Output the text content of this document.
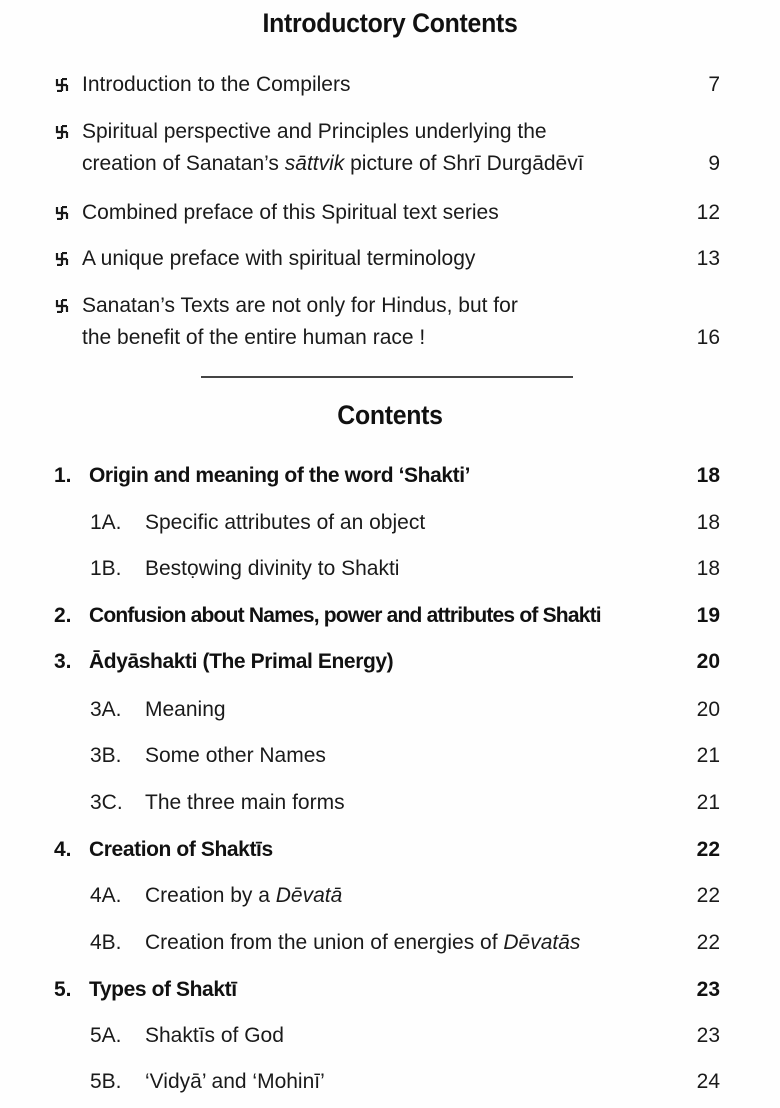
Introductory Contents
Introduction to the Compilers	7
Spiritual perspective and Principles underlying the
creation of Sanatan’s sāttvik picture of Shrī Durgādēvī	9
Combined preface of this Spiritual text series	12
A unique preface with spiritual terminology	13
Sanatan’s Texts are not only for Hindus, but for
the benefit of the entire human race !	16
Contents
1. Origin and meaning of the word ‘Shakti’	18
1A. Specific attributes of an object	18
1B. Bestọwing divinity to Shakti	18
2. Confusion about Names, power and attributes of Shakti	19
3. Ādyāshakti (The Primal Energy)	20
3A. Meaning	20
3B. Some other Names	21
3C. The three main forms	21
4. Creation of Shaktīs	22
4A. Creation by a Dēvatā	22
4B. Creation from the union of energies of Dēvatās	22
5. Types of Shaktī	23
5A. Shaktīs of God	23
5B. ‘Vidyā’ and ‘Mohinī’	24
